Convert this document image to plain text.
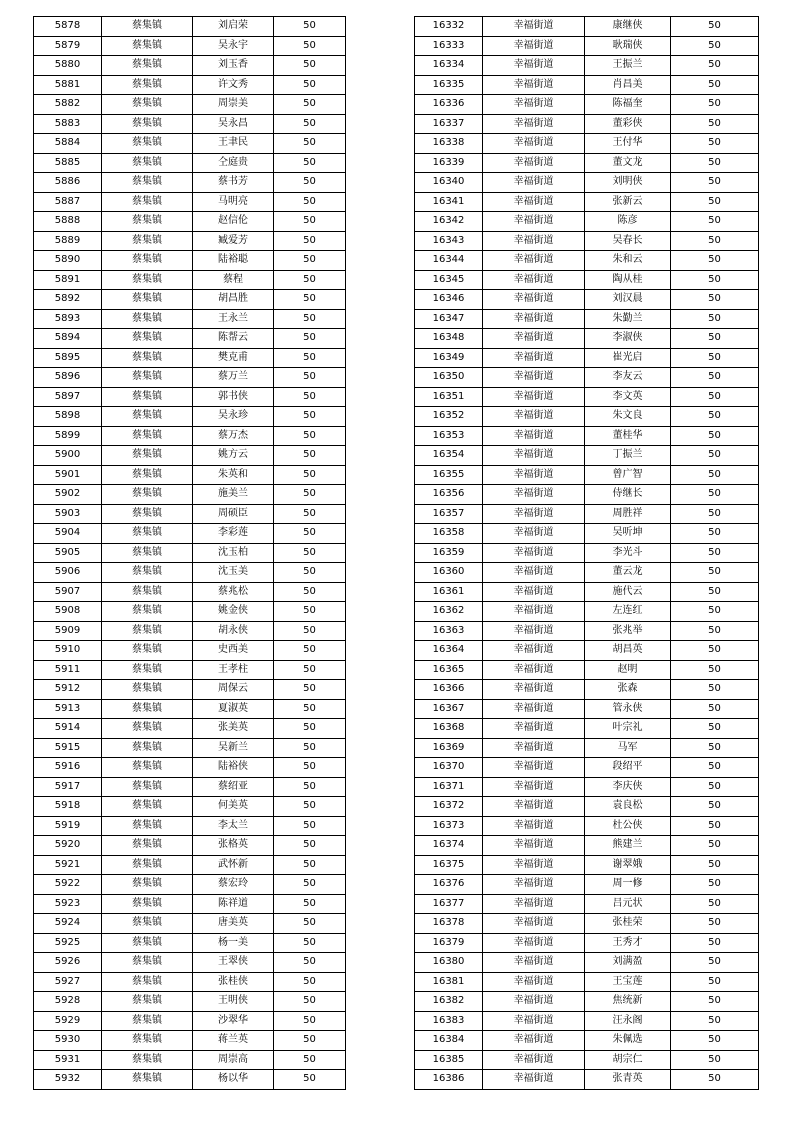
5878	蔡集镇	刘启荣	50
5879	蔡集镇	吴永宇	50
5880	蔡集镇	刘玉香	50
5881	蔡集镇	许文秀	50
5882	蔡集镇	周崇美	50
5883	蔡集镇	吴永昌	50
5884	蔡集镇	王聿民	50
5885	蔡集镇	仝庭贵	50
5886	蔡集镇	蔡书芳	50
5887	蔡集镇	马明亮	50
5888	蔡集镇	赵信伦	50
5889	蔡集镇	臧爱芳	50
5890	蔡集镇	陆裕聪	50
5891	蔡集镇	蔡程	50
5892	蔡集镇	胡昌胜	50
5893	蔡集镇	王永兰	50
5894	蔡集镇	陈帮云	50
5895	蔡集镇	樊克甫	50
5896	蔡集镇	蔡万兰	50
5897	蔡集镇	郭书侠	50
5898	蔡集镇	吴永珍	50
5899	蔡集镇	蔡万杰	50
5900	蔡集镇	姚方云	50
5901	蔡集镇	朱英和	50
5902	蔡集镇	施美兰	50
5903	蔡集镇	周硕臣	50
5904	蔡集镇	李彩莲	50
5905	蔡集镇	沈玉柏	50
5906	蔡集镇	沈玉美	50
5907	蔡集镇	蔡兆松	50
5908	蔡集镇	姚金侠	50
5909	蔡集镇	胡永侠	50
5910	蔡集镇	史西美	50
5911	蔡集镇	王孝柱	50
5912	蔡集镇	周保云	50
5913	蔡集镇	夏淑英	50
5914	蔡集镇	张美英	50
5915	蔡集镇	吴新兰	50
5916	蔡集镇	陆裕侠	50
5917	蔡集镇	蔡绍亚	50
5918	蔡集镇	何美英	50
5919	蔡集镇	李太兰	50
5920	蔡集镇	张格英	50
5921	蔡集镇	武怀新	50
5922	蔡集镇	蔡宏玲	50
5923	蔡集镇	陈祥道	50
5924	蔡集镇	唐美英	50
5925	蔡集镇	杨一美	50
5926	蔡集镇	王翠侠	50
5927	蔡集镇	张桂侠	50
5928	蔡集镇	王明侠	50
5929	蔡集镇	沙翠华	50
5930	蔡集镇	蒋兰英	50
5931	蔡集镇	周崇高	50
5932	蔡集镇	杨以华	50
16332	幸福街道	康继侠	50
16333	幸福街道	耿瑞侠	50
16334	幸福街道	王振兰	50
16335	幸福街道	肖昌美	50
16336	幸福街道	陈福奎	50
16337	幸福街道	董彩侠	50
16338	幸福街道	王付华	50
16339	幸福街道	董文龙	50
16340	幸福街道	刘明侠	50
16341	幸福街道	张新云	50
16342	幸福街道	陈彦	50
16343	幸福街道	吴春长	50
16344	幸福街道	朱和云	50
16345	幸福街道	陶从桂	50
16346	幸福街道	刘汉晨	50
16347	幸福街道	朱勤兰	50
16348	幸福街道	李淑侠	50
16349	幸福街道	崔光启	50
16350	幸福街道	李友云	50
16351	幸福街道	李文英	50
16352	幸福街道	朱文良	50
16353	幸福街道	董桂华	50
16354	幸福街道	丁振兰	50
16355	幸福街道	曾广智	50
16356	幸福街道	侍继长	50
16357	幸福街道	周胜祥	50
16358	幸福街道	吴听坤	50
16359	幸福街道	李光斗	50
16360	幸福街道	董云龙	50
16361	幸福街道	施代云	50
16362	幸福街道	左连红	50
16363	幸福街道	张兆举	50
16364	幸福街道	胡昌英	50
16365	幸福街道	赵明	50
16366	幸福街道	张森	50
16367	幸福街道	管永侠	50
16368	幸福街道	叶宗礼	50
16369	幸福街道	马军	50
16370	幸福街道	段绍平	50
16371	幸福街道	李庆侠	50
16372	幸福街道	袁良松	50
16373	幸福街道	杜公侠	50
16374	幸福街道	熊建兰	50
16375	幸福街道	谢翠娥	50
16376	幸福街道	周一修	50
16377	幸福街道	吕元状	50
16378	幸福街道	张桂荣	50
16379	幸福街道	王秀才	50
16380	幸福街道	刘满盈	50
16381	幸福街道	王宝莲	50
16382	幸福街道	焦统新	50
16383	幸福街道	汪永阁	50
16384	幸福街道	朱佩选	50
16385	幸福街道	胡宗仁	50
16386	幸福街道	张青英	50
